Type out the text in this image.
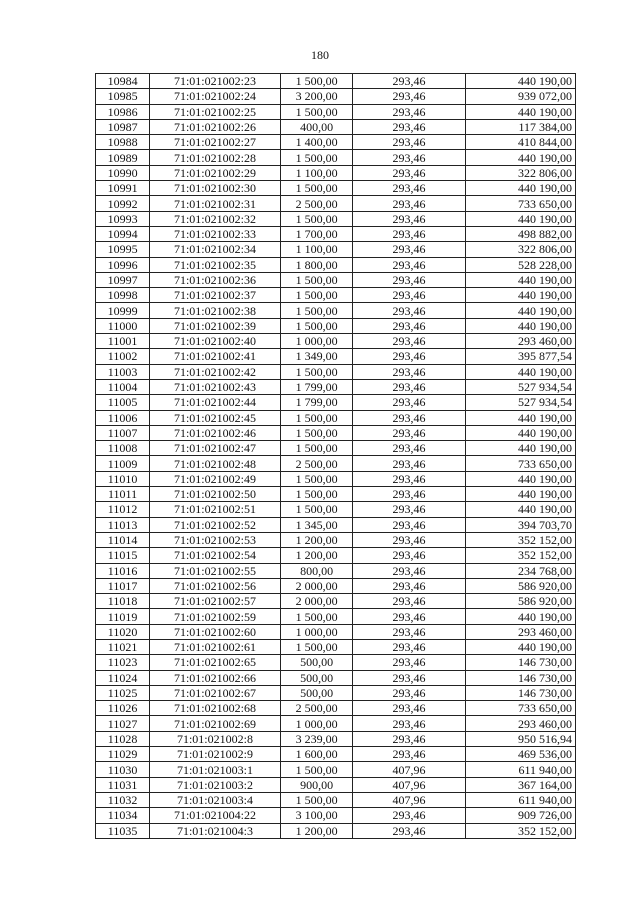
180
10984	71:01:021002:23	1 500,00	293,46	440 190,00
10985	71:01:021002:24	3 200,00	293,46	939 072,00
10986	71:01:021002:25	1 500,00	293,46	440 190,00
10987	71:01:021002:26	400,00	293,46	117 384,00
10988	71:01:021002:27	1 400,00	293,46	410 844,00
10989	71:01:021002:28	1 500,00	293,46	440 190,00
10990	71:01:021002:29	1 100,00	293,46	322 806,00
10991	71:01:021002:30	1 500,00	293,46	440 190,00
10992	71:01:021002:31	2 500,00	293,46	733 650,00
10993	71:01:021002:32	1 500,00	293,46	440 190,00
10994	71:01:021002:33	1 700,00	293,46	498 882,00
10995	71:01:021002:34	1 100,00	293,46	322 806,00
10996	71:01:021002:35	1 800,00	293,46	528 228,00
10997	71:01:021002:36	1 500,00	293,46	440 190,00
10998	71:01:021002:37	1 500,00	293,46	440 190,00
10999	71:01:021002:38	1 500,00	293,46	440 190,00
11000	71:01:021002:39	1 500,00	293,46	440 190,00
11001	71:01:021002:40	1 000,00	293,46	293 460,00
11002	71:01:021002:41	1 349,00	293,46	395 877,54
11003	71:01:021002:42	1 500,00	293,46	440 190,00
11004	71:01:021002:43	1 799,00	293,46	527 934,54
11005	71:01:021002:44	1 799,00	293,46	527 934,54
11006	71:01:021002:45	1 500,00	293,46	440 190,00
11007	71:01:021002:46	1 500,00	293,46	440 190,00
11008	71:01:021002:47	1 500,00	293,46	440 190,00
11009	71:01:021002:48	2 500,00	293,46	733 650,00
11010	71:01:021002:49	1 500,00	293,46	440 190,00
11011	71:01:021002:50	1 500,00	293,46	440 190,00
11012	71:01:021002:51	1 500,00	293,46	440 190,00
11013	71:01:021002:52	1 345,00	293,46	394 703,70
11014	71:01:021002:53	1 200,00	293,46	352 152,00
11015	71:01:021002:54	1 200,00	293,46	352 152,00
11016	71:01:021002:55	800,00	293,46	234 768,00
11017	71:01:021002:56	2 000,00	293,46	586 920,00
11018	71:01:021002:57	2 000,00	293,46	586 920,00
11019	71:01:021002:59	1 500,00	293,46	440 190,00
11020	71:01:021002:60	1 000,00	293,46	293 460,00
11021	71:01:021002:61	1 500,00	293,46	440 190,00
11023	71:01:021002:65	500,00	293,46	146 730,00
11024	71:01:021002:66	500,00	293,46	146 730,00
11025	71:01:021002:67	500,00	293,46	146 730,00
11026	71:01:021002:68	2 500,00	293,46	733 650,00
11027	71:01:021002:69	1 000,00	293,46	293 460,00
11028	71:01:021002:8	3 239,00	293,46	950 516,94
11029	71:01:021002:9	1 600,00	293,46	469 536,00
11030	71:01:021003:1	1 500,00	407,96	611 940,00
11031	71:01:021003:2	900,00	407,96	367 164,00
11032	71:01:021003:4	1 500,00	407,96	611 940,00
11034	71:01:021004:22	3 100,00	293,46	909 726,00
11035	71:01:021004:3	1 200,00	293,46	352 152,00
